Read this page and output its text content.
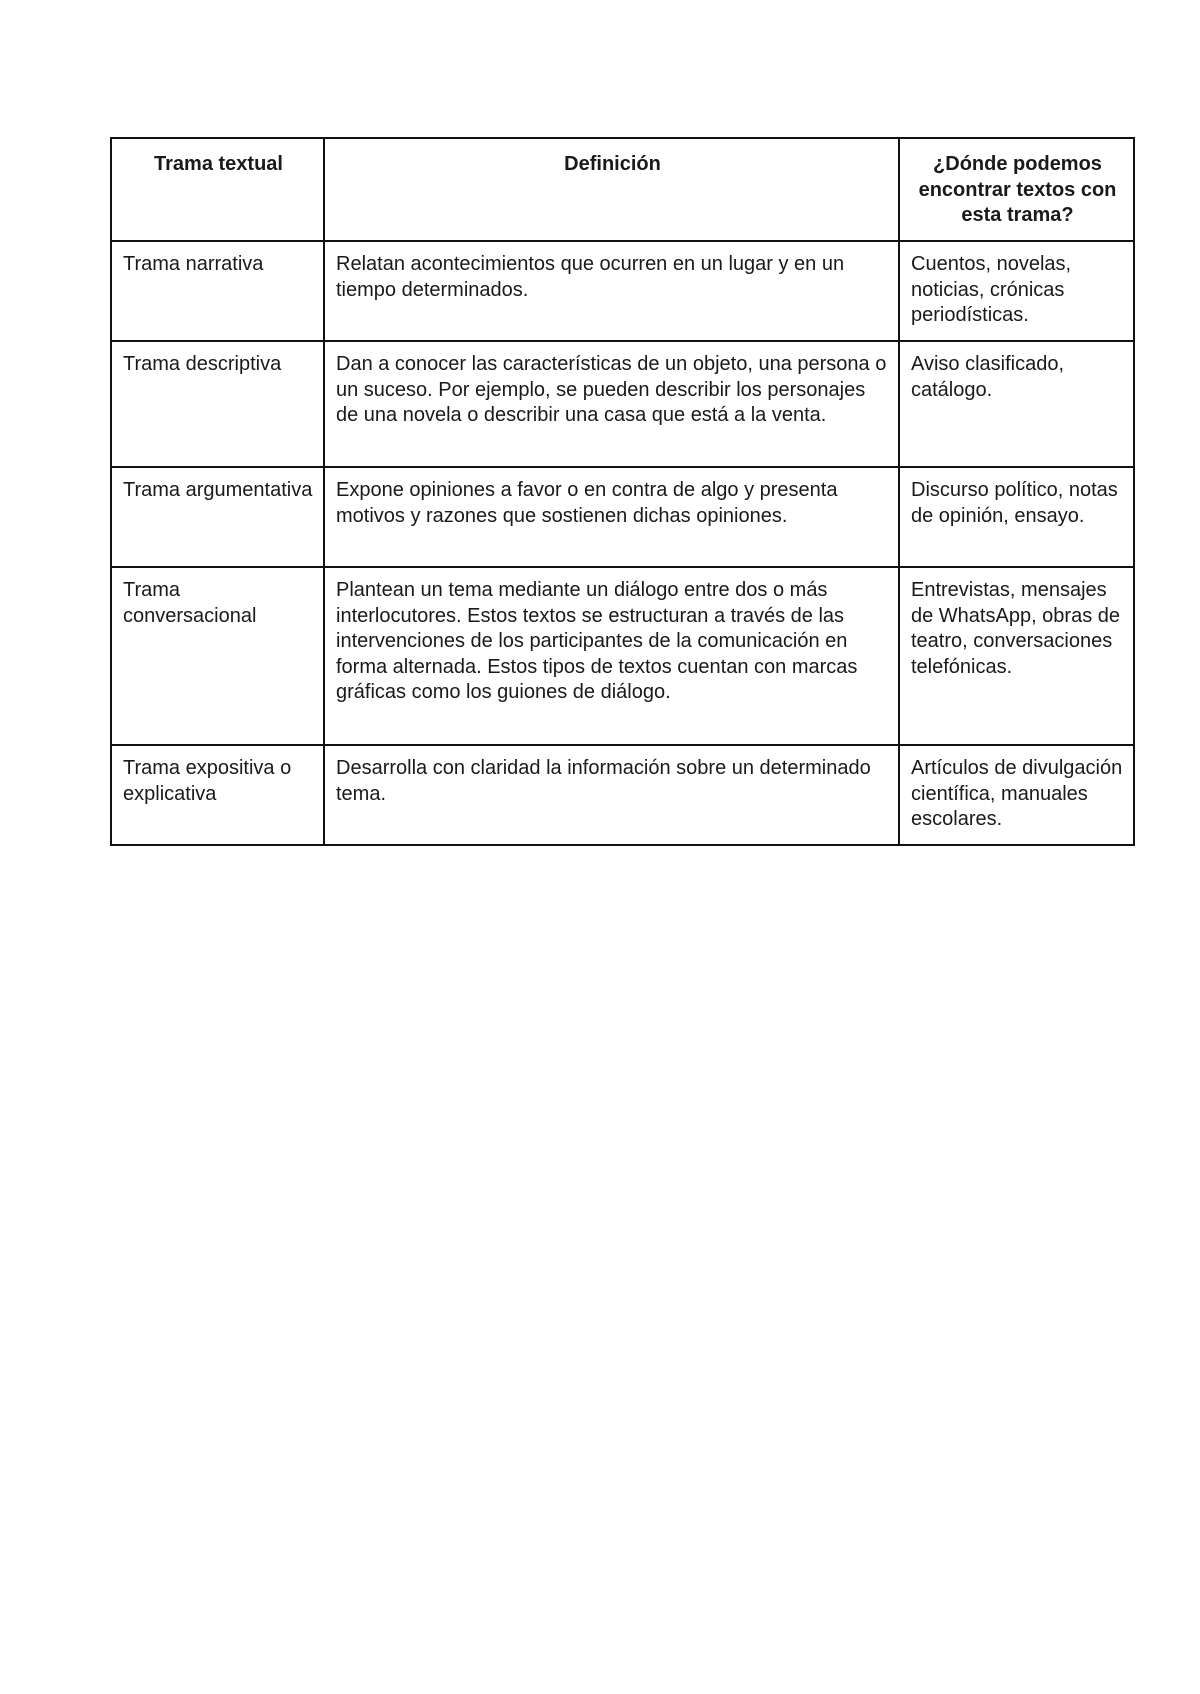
Trama textual	Definición	¿Dónde podemos encontrar textos con esta trama?
Trama narrativa	Relatan acontecimientos que ocurren en un lugar y en un tiempo determinados.	Cuentos, novelas, noticias, crónicas periodísticas.
Trama descriptiva	Dan a conocer las características de un objeto, una persona o un suceso. Por ejemplo, se pueden describir los personajes de una novela o describir una casa que está a la venta.	Aviso clasificado, catálogo.
Trama argumentativa	Expone opiniones a favor o en contra de algo y presenta motivos y razones que sostienen dichas opiniones.	Discurso político, notas de opinión, ensayo.
Trama conversacional	Plantean un tema mediante un diálogo entre dos o más interlocutores. Estos textos se estructuran a través de las intervenciones de los participantes de la comunicación en forma alternada. Estos tipos de textos cuentan con marcas gráficas como los guiones de diálogo.	Entrevistas, mensajes de WhatsApp, obras de teatro, conversaciones telefónicas.
Trama expositiva o explicativa	Desarrolla con claridad la información sobre un determinado tema.	Artículos de divulgación científica, manuales escolares.
